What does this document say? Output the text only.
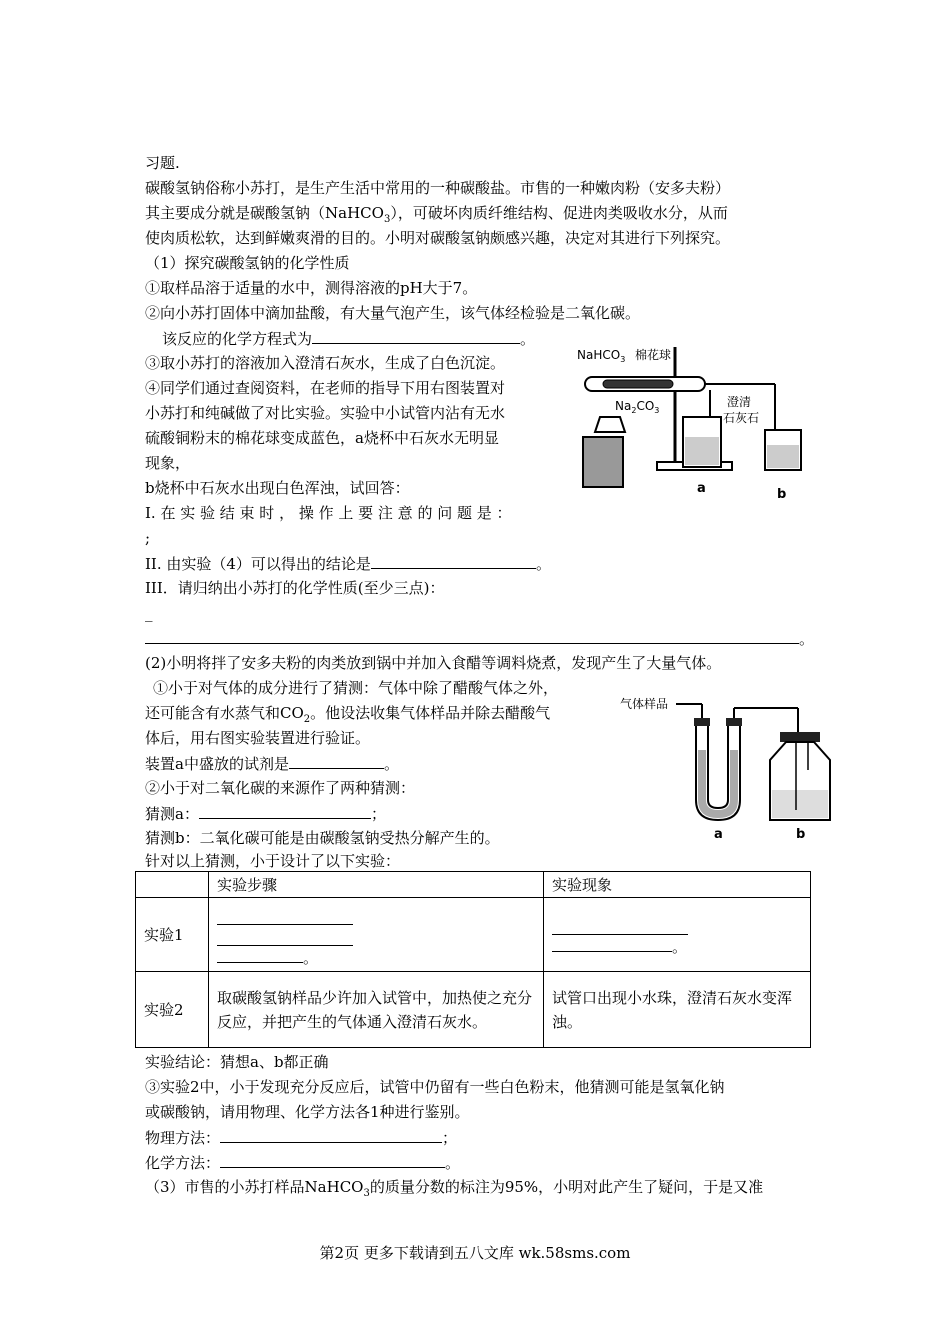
习题.
碳酸氢钠俗称小苏打，是生产生活中常用的一种碳酸盐。市售的一种嫩肉粉（安多夫粉）
其主要成分就是碳酸氢钠（NaHCO$_3$），可破坏肉质纤维结构、促进肉类吸收水分，从而
使肉质松软，达到鲜嫩爽滑的目的。小明对碳酸氢钠颇感兴趣，决定对其进行下列探究。
（1）探究碳酸氢钠的化学性质
①取样品溶于适量的水中，测得溶液的pH大于7。
②向小苏打固体中滴加盐酸，有大量气泡产生，该气体经检验是二氧化碳。
该反应的化学方程式为	。
③取小苏打的溶液加入澄清石灰水，生成了白色沉淀。
④同学们通过查阅资料，在老师的指导下用右图装置对
小苏打和纯碱做了对比实验。实验中小试管内沾有无水
硫酸铜粉末的棉花球变成蓝色，a烧杯中石灰水无明显
现象，
b烧杯中石灰水出现白色浑浊，试回答：
I. 在 实 验 结 束 时 ， 操 作 上 要 注 意 的 问 题 是 ：
;
II. 由实验（4）可以得出的结论是	。
III．请归纳出小苏打的化学性质(至少三点)：
_
。
(2)小明将拌了安多夫粉的肉类放到锅中并加入食醋等调料烧煮，发现产生了大量气体。
①小于对气体的成分进行了猜测：气体中除了醋酸气体之外，
还可能含有水蒸气和$CO_2$。他设法收集气体样品并除去醋酸气
体后，用右图实验装置进行验证。
装置a中盛放的试剂是	。
②小于对二氧化碳的来源作了两种猜测：
猜测a：	；
猜测b：二氧化碳可能是由碳酸氢钠受热分解产生的。
针对以上猜测，小于设计了以下实验：
	实验步骤	实验现象
实验1	。	。

实验2	取碳酸氢钠样品少许加入试管中，加热使之充分反应，并把产生的气体通入澄清石灰水。	试管口出现小水珠，澄清石灰水变浑浊。
实验结论：猜想a、b都正确
③实验2中，小于发现充分反应后，试管中仍留有一些白色粉末，他猜测可能是氢氧化钠
或碳酸钠，请用物理、化学方法各1种进行鉴别。
物理方法：	；
化学方法：	。
（3）市售的小苏打样品NaHCO$_3$的质量分数的标注为95%，小明对此产生了疑问，于是又准
NaHCO$_3$ 棉花球
$Na_2CO_3$
澄清
石灰石
a	b
气体样品
a	b
第2页 更多下载请到五八文库 wk.58sms.com
